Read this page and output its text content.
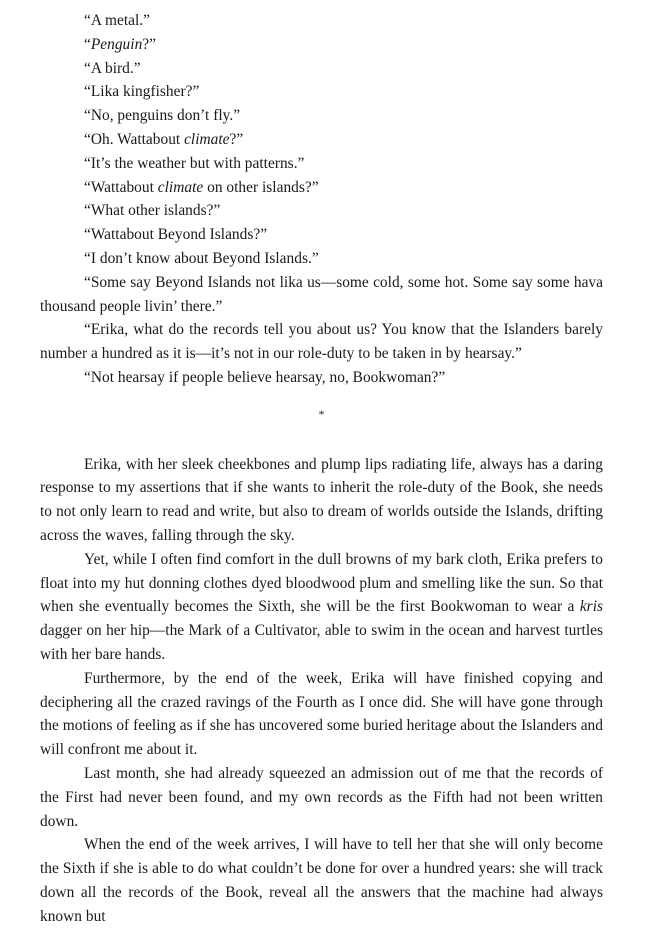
“A metal.”

“Penguin?”

“A bird.”

“Lika kingfisher?”

“No, penguins don’t fly.”

“Oh. Wattabout climate?”

“It’s the weather but with patterns.”

“Wattabout climate on other islands?”

“What other islands?”

“Wattabout Beyond Islands?”

“I don’t know about Beyond Islands.”

“Some say Beyond Islands not lika us—some cold, some hot. Some say some hava thousand people livin’ there.”

“Erika, what do the records tell you about us? You know that the Islanders barely number a hundred as it is—it’s not in our role-duty to be taken in by hearsay.”

“Not hearsay if people believe hearsay, no, Bookwoman?”

*

Erika, with her sleek cheekbones and plump lips radiating life, always has a daring response to my assertions that if she wants to inherit the role-duty of the Book, she needs to not only learn to read and write, but also to dream of worlds outside the Islands, drifting across the waves, falling through the sky.

Yet, while I often find comfort in the dull browns of my bark cloth, Erika prefers to float into my hut donning clothes dyed bloodwood plum and smelling like the sun. So that when she eventually becomes the Sixth, she will be the first Bookwoman to wear a kris dagger on her hip—the Mark of a Cultivator, able to swim in the ocean and harvest turtles with her bare hands.

Furthermore, by the end of the week, Erika will have finished copying and deciphering all the crazed ravings of the Fourth as I once did. She will have gone through the motions of feeling as if she has uncovered some buried heritage about the Islanders and will confront me about it.

Last month, she had already squeezed an admission out of me that the records of the First had never been found, and my own records as the Fifth had not been written down.

When the end of the week arrives, I will have to tell her that she will only become the Sixth if she is able to do what couldn’t be done for over a hundred years: she will track down all the records of the Book, reveal all the answers that the machine had always known but
